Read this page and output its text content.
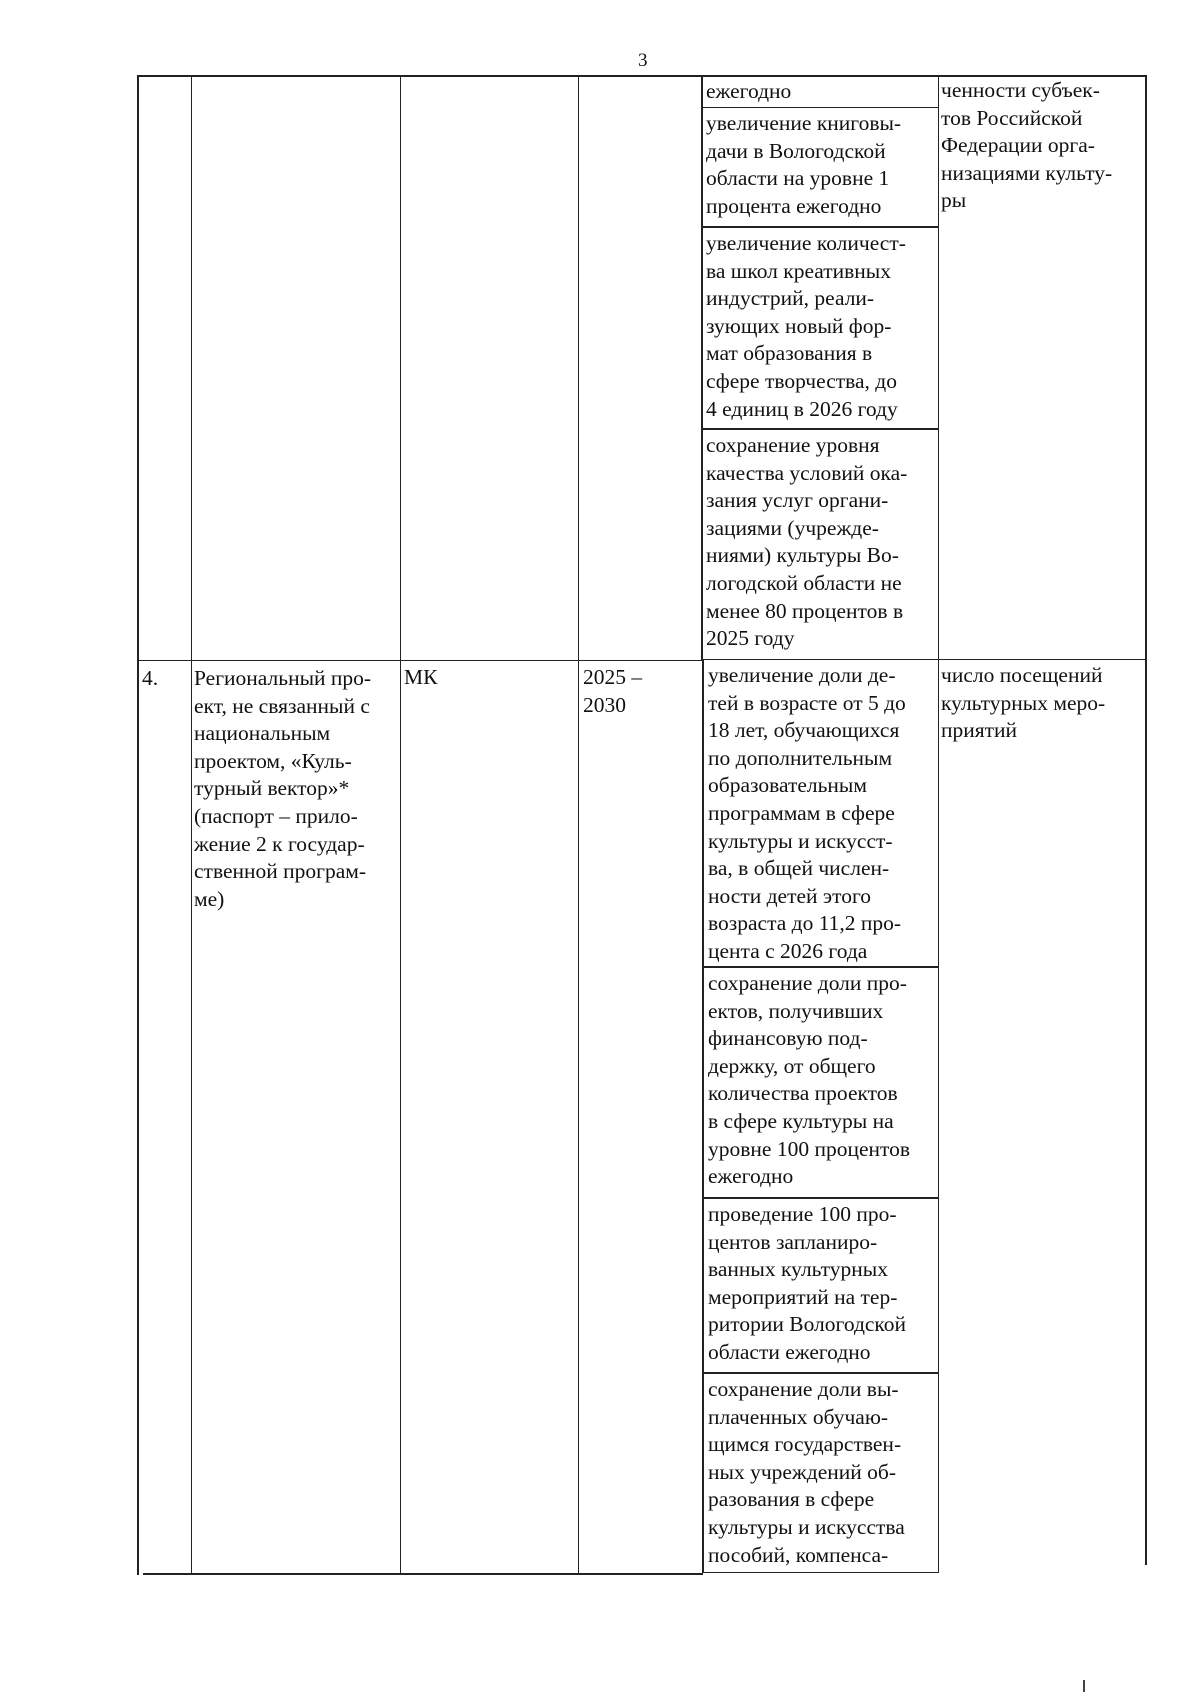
3
ежегодно
увеличение книговы-
дачи в Вологодской
области на уровне 1
процента ежегодно
увеличение количест-
ва школ креативных
индустрий, реали-
зующих новый фор-
мат образования в
сфере творчества, до
4 единиц в 2026 году
сохранение уровня
качества условий ока-
зания услуг органи-
зациями (учрежде-
ниями) культуры Во-
логодской области не
менее 80 процентов в
2025 году
ченности субъек-
тов Российской
Федерации орга-
низациями культу-
ры
4. Региональный про-
ект, не связанный с
национальным
проектом, «Куль-
турный вектор»*
(паспорт – прило-
жение 2 к государ-
ственной програм-
ме)
МК	2025 –
2030
увеличение доли де-
тей в возрасте от 5 до
18 лет, обучающихся
по дополнительным
образовательным
программам в сфере
культуры и искусст-
ва, в общей числен-
ности детей этого
возраста до 11,2 про-
цента с 2026 года
сохранение доли про-
ектов, получивших
финансовую под-
держку, от общего
количества проектов
в сфере культуры на
уровне 100 процентов
ежегодно
проведение 100 про-
центов запланиро-
ванных культурных
мероприятий на тер-
ритории Вологодской
области ежегодно
сохранение доли вы-
плаченных обучаю-
щимся государствен-
ных учреждений об-
разования в сфере
культуры и искусства
пособий, компенса-
число посещений
культурных меро-
приятий
